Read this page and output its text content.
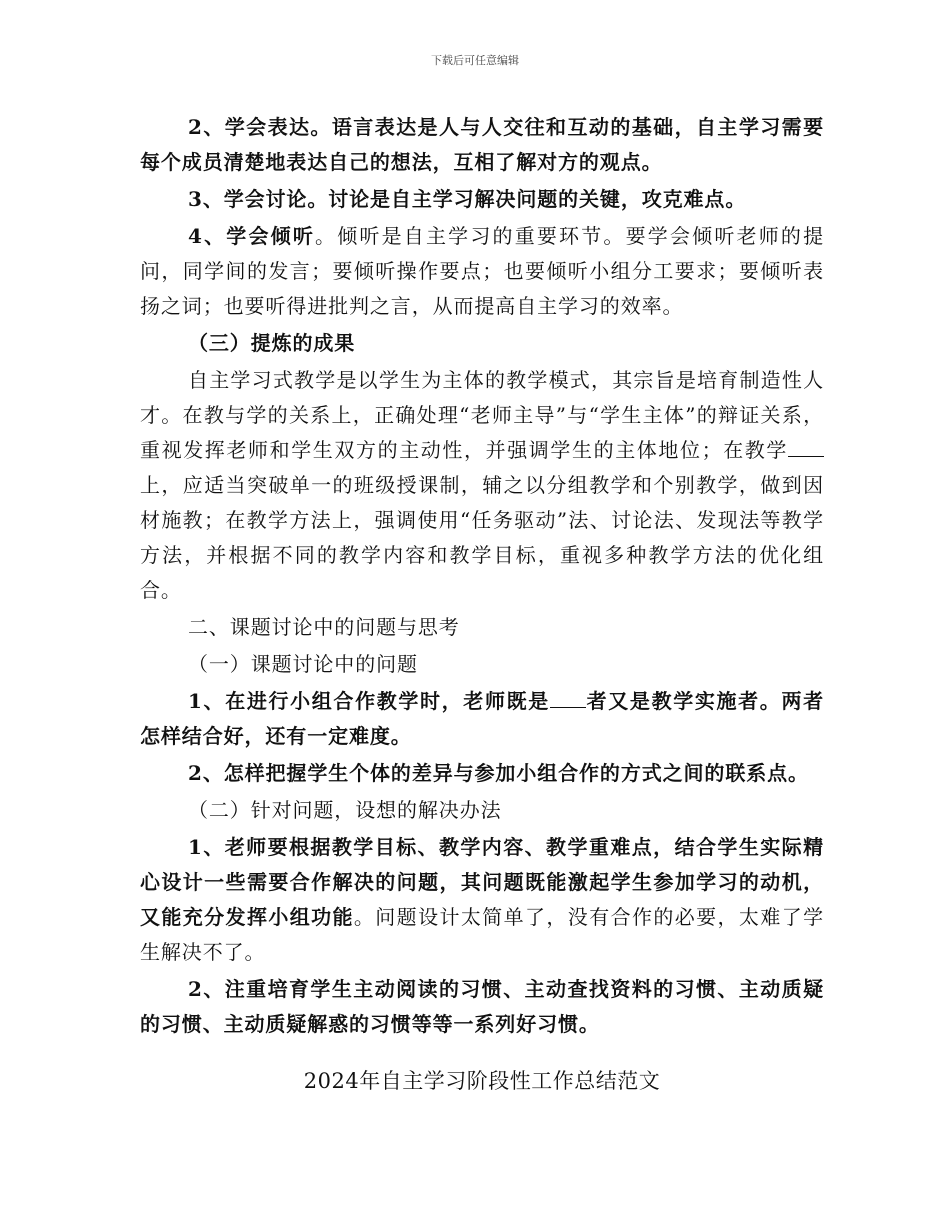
下载后可任意编辑

2、学会表达。语言表达是人与人交往和互动的基础，自主学习需要每个成员清楚地表达自己的想法，互相了解对方的观点。

3、学会讨论。讨论是自主学习解决问题的关键，攻克难点。

4、学会倾听。倾听是自主学习的重要环节。要学会倾听老师的提问，同学间的发言；要倾听操作要点；也要倾听小组分工要求；要倾听表扬之词；也要听得进批判之言，从而提高自主学习的效率。

（三）提炼的成果

自主学习式教学是以学生为主体的教学模式，其宗旨是培育制造性人才。在教与学的关系上，正确处理“老师主导”与“学生主体”的辩证关系，重视发挥老师和学生双方的主动性，并强调学生的主体地位；在教学上，应适当突破单一的班级授课制，辅之以分组教学和个别教学，做到因材施教；在教学方法上，强调使用“任务驱动”法、讨论法、发现法等教学方法，并根据不同的教学内容和教学目标，重视多种教学方法的优化组合。

二、课题讨论中的问题与思考

（一）课题讨论中的问题

1、在进行小组合作教学时，老师既是 者又是教学实施者。两者怎样结合好，还有一定难度。

2、怎样把握学生个体的差异与参加小组合作的方式之间的联系点。

（二）针对问题，设想的解决办法

1、老师要根据教学目标、教学内容、教学重难点，结合学生实际精心设计一些需要合作解决的问题，其问题既能激起学生参加学习的动机，又能充分发挥小组功能。问题设计太简单了，没有合作的必要，太难了学生解决不了。

2、注重培育学生主动阅读的习惯、主动查找资料的习惯、主动质疑的习惯、主动质疑解惑的习惯等等一系列好习惯。

2024年自主学习阶段性工作总结范文
